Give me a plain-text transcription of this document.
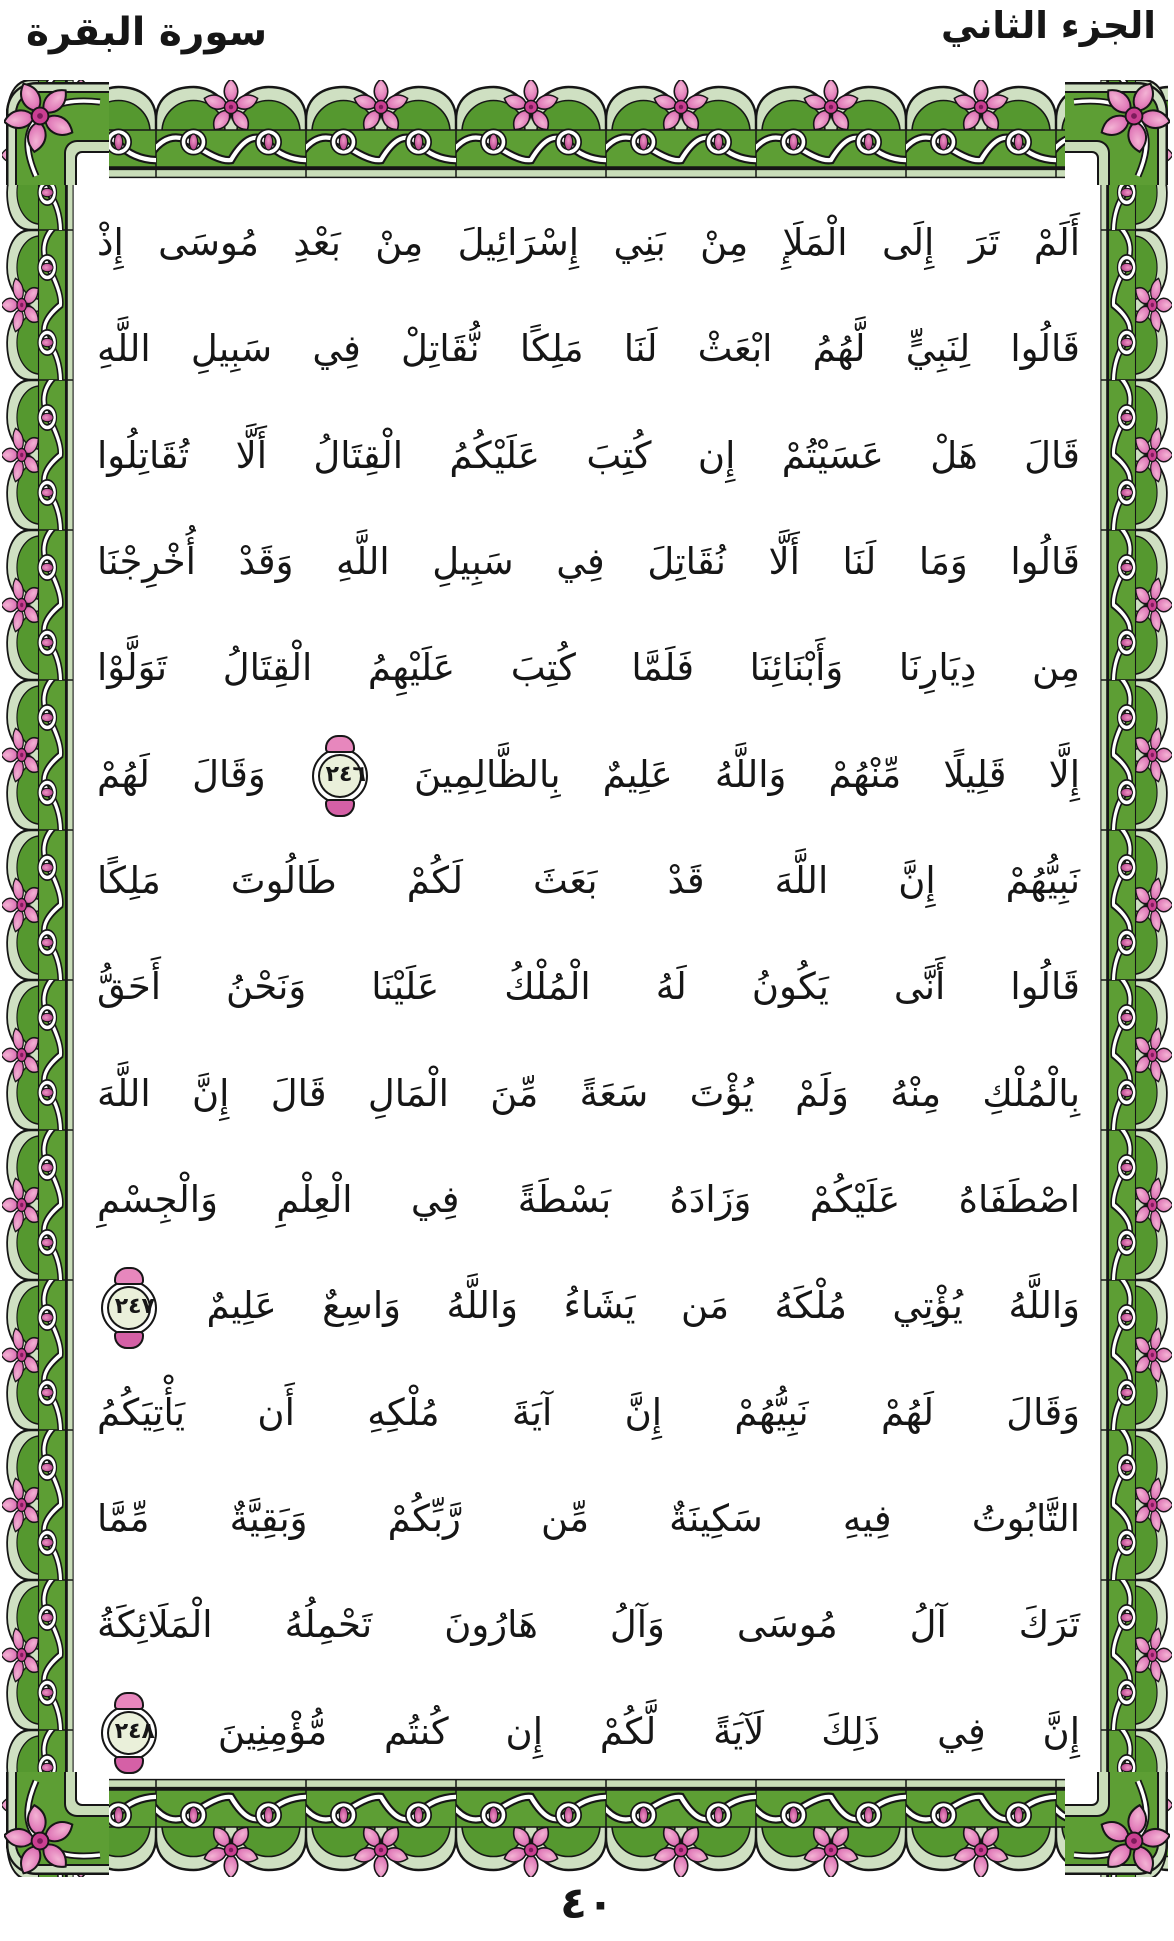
الجزء الثاني
سورة البقرة
أَلَمْ تَرَ إِلَى الْمَلَإِ مِنْ بَنِي إِسْرَائِيلَ مِنْ بَعْدِ مُوسَى إِذْ
قَالُوا لِنَبِيٍّ لَّهُمُ ابْعَثْ لَنَا مَلِكًا نُّقَاتِلْ فِي سَبِيلِ اللَّهِ
قَالَ هَلْ عَسَيْتُمْ إِن كُتِبَ عَلَيْكُمُ الْقِتَالُ أَلَّا تُقَاتِلُوا
قَالُوا وَمَا لَنَا أَلَّا نُقَاتِلَ فِي سَبِيلِ اللَّهِ وَقَدْ أُخْرِجْنَا
مِن دِيَارِنَا وَأَبْنَائِنَا فَلَمَّا كُتِبَ عَلَيْهِمُ الْقِتَالُ تَوَلَّوْا
إِلَّا قَلِيلًا مِّنْهُمْ وَاللَّهُ عَلِيمٌ بِالظَّالِمِينَ ٢٤٦ وَقَالَ لَهُمْ
نَبِيُّهُمْ إِنَّ اللَّهَ قَدْ بَعَثَ لَكُمْ طَالُوتَ مَلِكًا
قَالُوا أَنَّى يَكُونُ لَهُ الْمُلْكُ عَلَيْنَا وَنَحْنُ أَحَقُّ
بِالْمُلْكِ مِنْهُ وَلَمْ يُؤْتَ سَعَةً مِّنَ الْمَالِ قَالَ إِنَّ اللَّهَ
اصْطَفَاهُ عَلَيْكُمْ وَزَادَهُ بَسْطَةً فِي الْعِلْمِ وَالْجِسْمِ
وَاللَّهُ يُؤْتِي مُلْكَهُ مَن يَشَاءُ وَاللَّهُ وَاسِعٌ عَلِيمٌ ٢٤٧
وَقَالَ لَهُمْ نَبِيُّهُمْ إِنَّ آيَةَ مُلْكِهِ أَن يَأْتِيَكُمُ
التَّابُوتُ فِيهِ سَكِينَةٌ مِّن رَّبِّكُمْ وَبَقِيَّةٌ مِّمَّا
تَرَكَ آلُ مُوسَى وَآلُ هَارُونَ تَحْمِلُهُ الْمَلَائِكَةُ
إِنَّ فِي ذَلِكَ لَآيَةً لَّكُمْ إِن كُنتُم مُّؤْمِنِينَ ٢٤٨
٤٠
